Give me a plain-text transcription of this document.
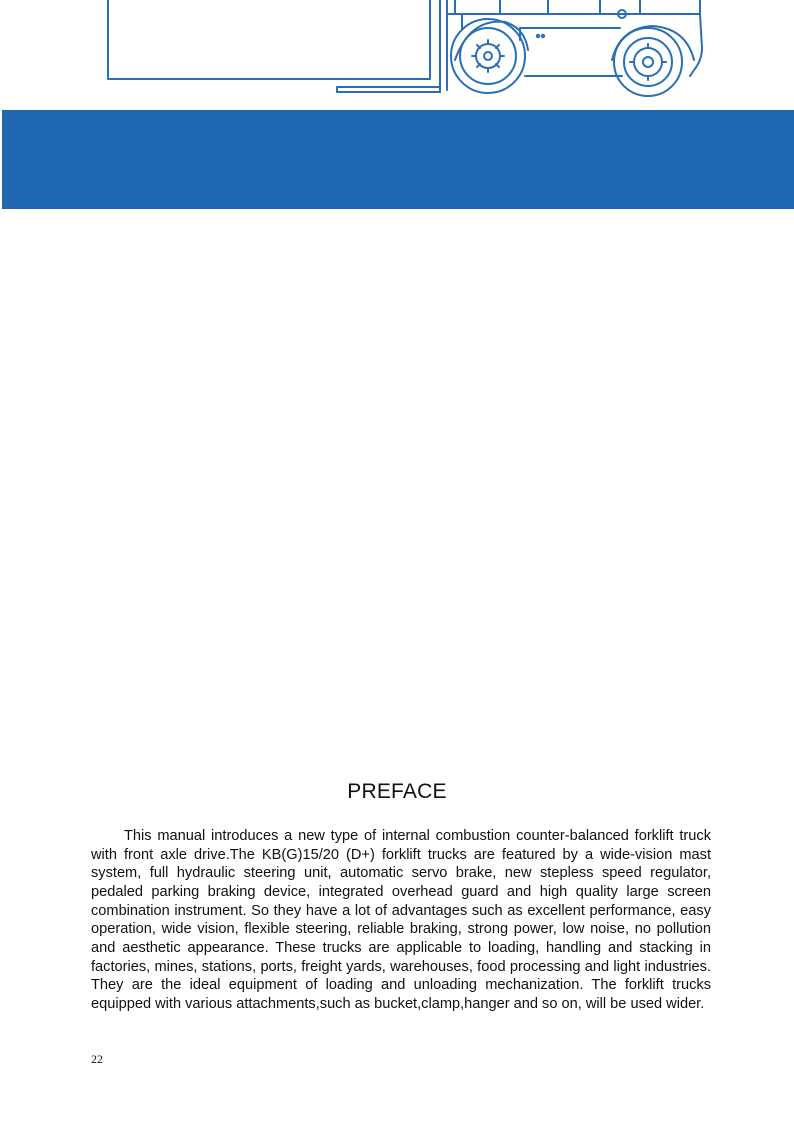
PREFACE

This manual introduces a new type of internal combustion counter-balanced forklift truck with front axle drive.The KB(G)15/20 (D+) forklift trucks are featured by a wide-vision mast system, full hydraulic steering unit, automatic servo brake, new stepless speed regulator, pedaled parking braking device, integrated overhead guard and high quality large screen combination instrument. So they have a lot of advantages such as excellent performance, easy operation, wide vision, flexible steering, reliable braking, strong power, low noise, no pollution and aesthetic appearance. These trucks are applicable to loading, handling and stacking in factories, mines, stations, ports, freight yards, warehouses, food processing and light industries. They are the ideal equipment of loading and unloading mechanization. The forklift trucks equipped with various attachments,such as bucket,clamp,hanger and so on, will be used wider.

22
